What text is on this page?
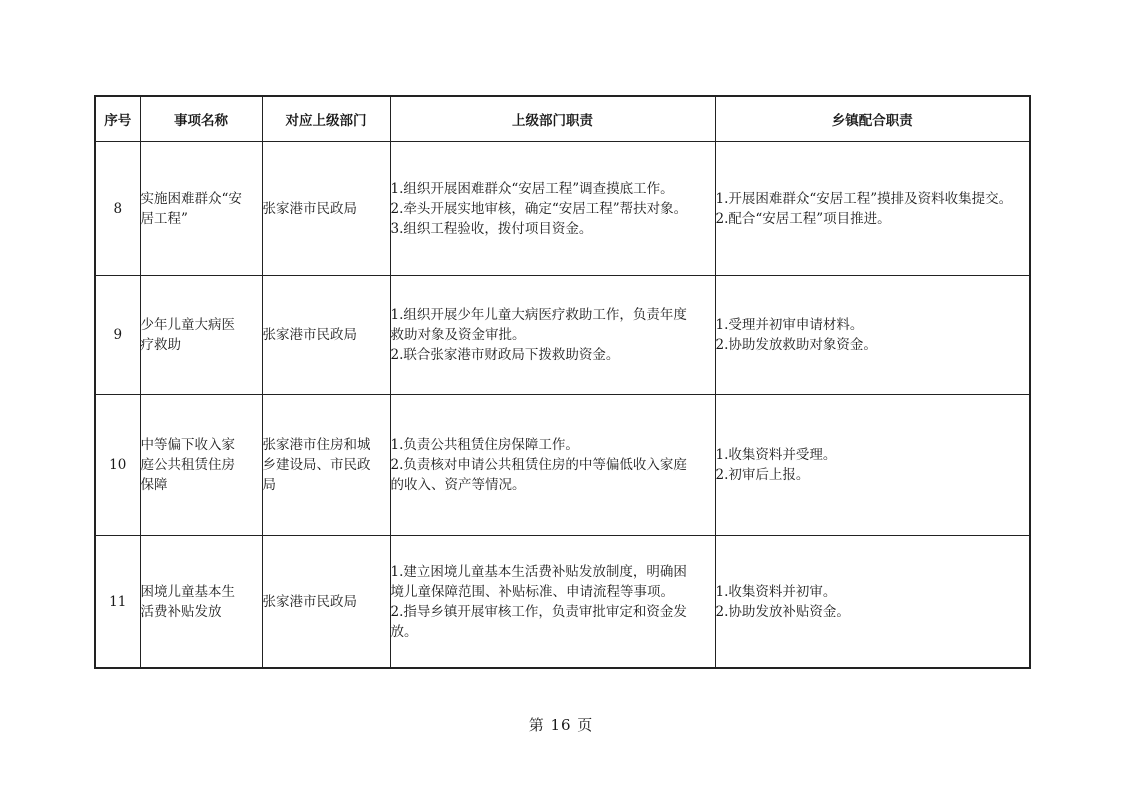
序号	事项名称	对应上级部门	上级部门职责	乡镇配合职责
8	实施困难群众“安
居工程”	张家港市民政局	1.组织开展困难群众“安居工程”调查摸底工作。
2.牵头开展实地审核，确定“安居工程”帮扶对象。
3.组织工程验收，拨付项目资金。	1.开展困难群众“安居工程”摸排及资料收集提交。
2.配合“安居工程”项目推进。

9	少年儿童大病医
疗救助	张家港市民政局	1.组织开展少年儿童大病医疗救助工作，负责年度
救助对象及资金审批。
2.联合张家港市财政局下拨救助资金。	1.受理并初审申请材料。
2.协助发放救助对象资金。

10	中等偏下收入家
庭公共租赁住房
保障	张家港市住房和城
乡建设局、市民政
局	1.负责公共租赁住房保障工作。
2.负责核对申请公共租赁住房的中等偏低收入家庭
的收入、资产等情况。	1.收集资料并受理。
2.初审后上报。

11	困境儿童基本生
活费补贴发放	张家港市民政局	1.建立困境儿童基本生活费补贴发放制度，明确困
境儿童保障范围、补贴标准、申请流程等事项。
2.指导乡镇开展审核工作，负责审批审定和资金发
放。	1.收集资料并初审。
2.协助发放补贴资金。
第 16 页
